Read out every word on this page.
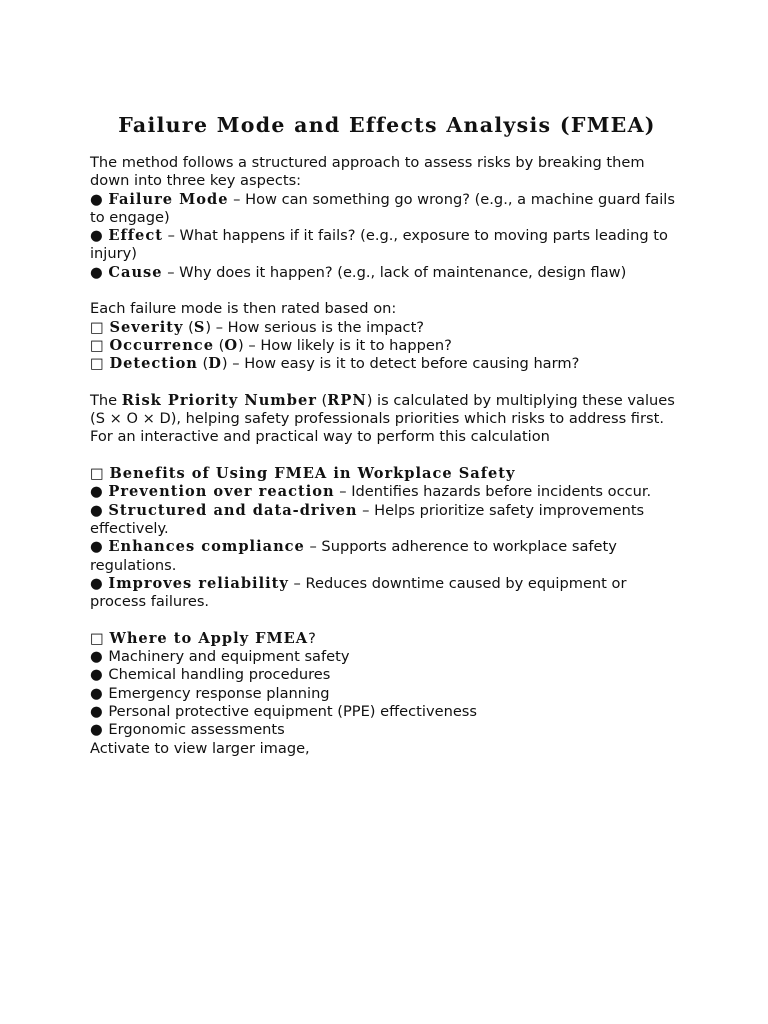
Failure Mode and Effects Analysis (FMEA)

The method follows a structured approach to assess risks by breaking them down into three key aspects:

● Failure Mode – How can something go wrong? (e.g., a machine guard fails to engage)

● Effect – What happens if it fails? (e.g., exposure to moving parts leading to injury)

● Cause – Why does it happen? (e.g., lack of maintenance, design flaw)

Each failure mode is then rated based on:

□ Severity (S) – How serious is the impact?

□ Occurrence (O) – How likely is it to happen?

□ Detection (D) – How easy is it to detect before causing harm?

The Risk Priority Number (RPN) is calculated by multiplying these values (S × O × D), helping safety professionals priorities which risks to address first. For an interactive and practical way to perform this calculation

□ Benefits of Using FMEA in Workplace Safety

● Prevention over reaction – Identifies hazards before incidents occur.

● Structured and data-driven – Helps prioritize safety improvements effectively.

● Enhances compliance – Supports adherence to workplace safety regulations.

● Improves reliability – Reduces downtime caused by equipment or process failures.

□ Where to Apply FMEA?

● Machinery and equipment safety

● Chemical handling procedures

● Emergency response planning

● Personal protective equipment (PPE) effectiveness

● Ergonomic assessments

Activate to view larger image,
